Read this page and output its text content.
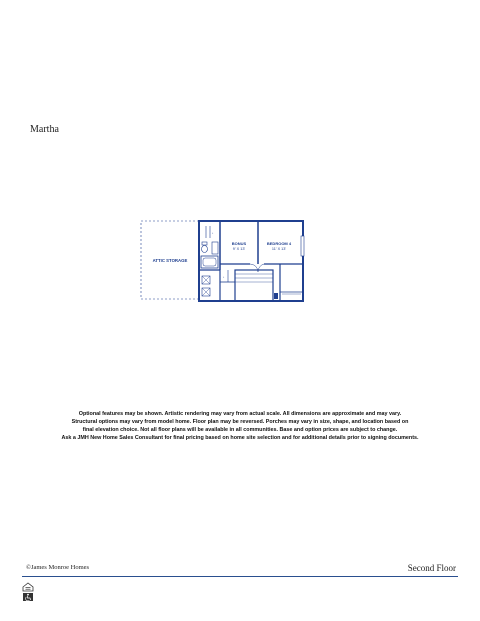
Martha
ATTIC STORAGE
L
L
BONUS
9' X 13'
BEDROOM 4
11' X 13'
Optional features may be shown. Artistic rendering may vary from actual scale. All dimensions are approximate and may vary.
Structural options may vary from model home. Floor plan may be reversed. Porches may vary in size, shape, and location based on
final elevation choice. Not all floor plans will be available in all communities. Base and option prices are subject to change.
Ask a JMH New Home Sales Consultant for final pricing based on home site selection and for additional details prior to signing documents.
©James Monroe Homes	Second Floor
